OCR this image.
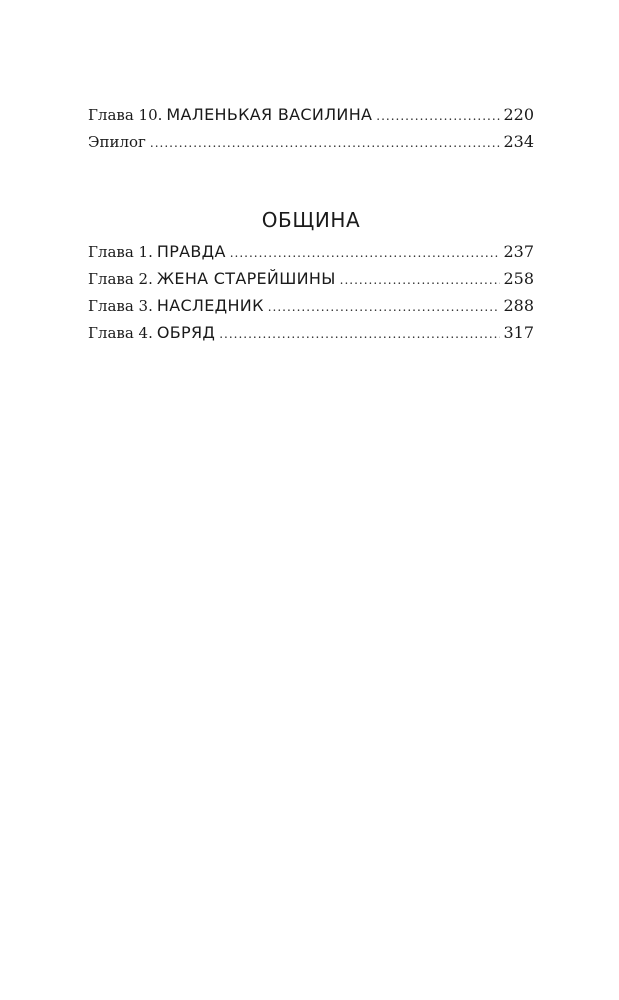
Глава 10. МАЛЕНЬКАЯ ВАСИЛИНА .....	220
Эпилог .....	234
ОБЩИНА
Глава 1. ПРАВДА .....	237
Глава 2. ЖЕНА СТАРЕЙШИНЫ .....	258
Глава 3. НАСЛЕДНИК .....	288
Глава 4. ОБРЯД .....	317
